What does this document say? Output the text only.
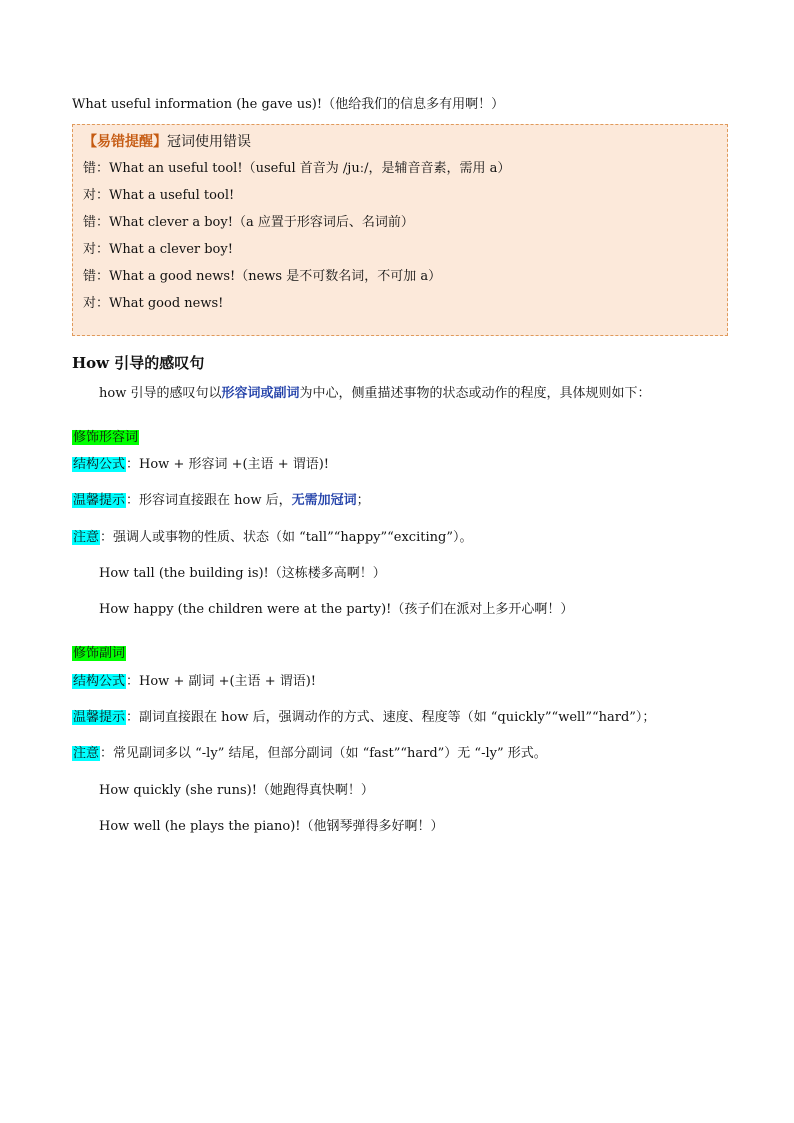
What useful information (he gave us)!（他给我们的信息多有用啊！）
【易错提醒】冠词使用错误
错：What an useful tool!（useful 首音为 /juː/，是辅音音素，需用 a）
对：What a useful tool!
错：What clever a boy!（a 应置于形容词后、名词前）
对：What a clever boy!
错：What a good news!（news 是不可数名词，不可加 a）
对：What good news!
How 引导的感叹句
how 引导的感叹句以形容词或副词为中心，侧重描述事物的状态或动作的程度，具体规则如下：
修饰形容词
结构公式：How + 形容词 +(主语 + 谓语)!
温馨提示：形容词直接跟在 how 后，无需加冠词；
注意：强调人或事物的性质、状态（如 “tall”“happy”“exciting”）。
How tall (the building is)!（这栋楼多高啊！）
How happy (the children were at the party)!（孩子们在派对上多开心啊！）
修饰副词
结构公式：How + 副词 +(主语 + 谓语)!
温馨提示：副词直接跟在 how 后，强调动作的方式、速度、程度等（如 “quickly”“well”“hard”）；
注意：常见副词多以 “-ly” 结尾，但部分副词（如 “fast”“hard”）无 “-ly” 形式。
How quickly (she runs)!（她跑得真快啊！）
How well (he plays the piano)!（他钢琴弹得多好啊！）
